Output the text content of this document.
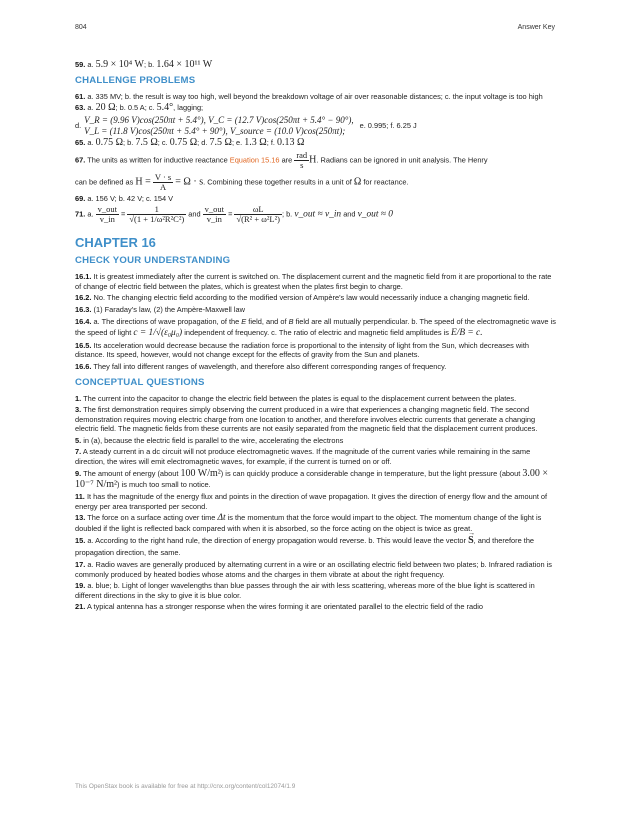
804	Answer Key

59. a. 5.9 × 10⁴ W; b. 1.64 × 10¹¹ W

CHALLENGE PROBLEMS

61. a. 335 MV; b. the result is way too high, well beyond the breakdown voltage of air over reasonable distances; c. the input voltage is too high

63. a. 20 Ω; b. 0.5 A; c. 5.4°, lagging;

d.
V_R = (9.96 V)cos(250πt + 5.4°), V_C = (12.7 V)cos(250πt + 5.4° − 90°),
V_L = (11.8 V)cos(250πt + 5.4° + 90°), V_source = (10.0 V)cos(250πt);
e. 0.995; f. 6.25 J

65. a. 0.75 Ω; b. 7.5 Ω; c. 0.75 Ω; d. 7.5 Ω; e. 1.3 Ω; f. 0.13 Ω

67. The units as written for inductive reactance Equation 15.16 are $\frac{\text{rad}}{s} H$. Radians can be ignored in unit analysis. The Henry

can be defined as $H = \frac{V \cdot s}{A} = \Omega \cdot s$. Combining these together results in a unit of Ω for reactance.

69. a. 156 V; b. 42 V; c. 154 V

71. a. $\frac{\text{v\_out}}{v\_in} = \frac{1}{\text{√(1 + 1/ω²R²C²)}}$ and $\frac{\text{v\_out}}{v\_in} = \frac{\omega L}{\text{√(R² + ω²L²)}}$ ; b. v_out ≈ v_in and v_out ≈ 0

CHAPTER 16
CHECK YOUR UNDERSTANDING

16.1. It is greatest immediately after the current is switched on. The displacement current and the magnetic field from it are proportional to the rate of change of electric field between the plates, which is greatest when the plates first begin to charge.

16.2. No. The changing electric field according to the modified version of Ampère’s law would necessarily induce a changing magnetic field.

16.3. (1) Faraday’s law, (2) the Ampère-Maxwell law

16.4. a. The directions of wave propagation, of the E field, and of B field are all mutually perpendicular. b. The speed of the electromagnetic wave is the speed of light c = 1/√(ε₀μ₀) independent of frequency. c. The ratio of electric and magnetic field amplitudes is E/B = c.

16.5. Its acceleration would decrease because the radiation force is proportional to the intensity of light from the Sun, which decreases with distance. Its speed, however, would not change except for the effects of gravity from the Sun and planets.

16.6. They fall into different ranges of wavelength, and therefore also different corresponding ranges of frequency.

CONCEPTUAL QUESTIONS

1. The current into the capacitor to change the electric field between the plates is equal to the displacement current between the plates.

3. The first demonstration requires simply observing the current produced in a wire that experiences a changing magnetic field. The second demonstration requires moving electric charge from one location to another, and therefore involves electric currents that generate a changing electric field. The magnetic fields from these currents are not easily separated from the magnetic field that the displacement current produces.

5. in (a), because the electric field is parallel to the wire, accelerating the electrons

7. A steady current in a dc circuit will not produce electromagnetic waves. If the magnitude of the current varies while remaining in the same direction, the wires will emit electromagnetic waves, for example, if the current is turned on or off.

9. The amount of energy (about 100 W/m²) is can quickly produce a considerable change in temperature, but the light pressure (about 3.00 × 10⁻⁷ N/m²) is much too small to notice.

11. It has the magnitude of the energy flux and points in the direction of wave propagation. It gives the direction of energy flow and the amount of energy per area transported per second.

13. The force on a surface acting over time Δt is the momentum that the force would impart to the object. The momentum change of the light is doubled if the light is reflected back compared with when it is absorbed, so the force acting on the object is twice as great.

15. a. According to the right hand rule, the direction of energy propagation would reverse. b. This would leave the vector → S, and therefore the propagation direction, the same.

17. a. Radio waves are generally produced by alternating current in a wire or an oscillating electric field between two plates; b. Infrared radiation is commonly produced by heated bodies whose atoms and the charges in them vibrate at about the right frequency.

19. a. blue; b. Light of longer wavelengths than blue passes through the air with less scattering, whereas more of the blue light is scattered in different directions in the sky to give it is blue color.

21. A typical antenna has a stronger response when the wires forming it are orientated parallel to the electric field of the radio

This OpenStax book is available for free at http://cnx.org/content/col12074/1.9
